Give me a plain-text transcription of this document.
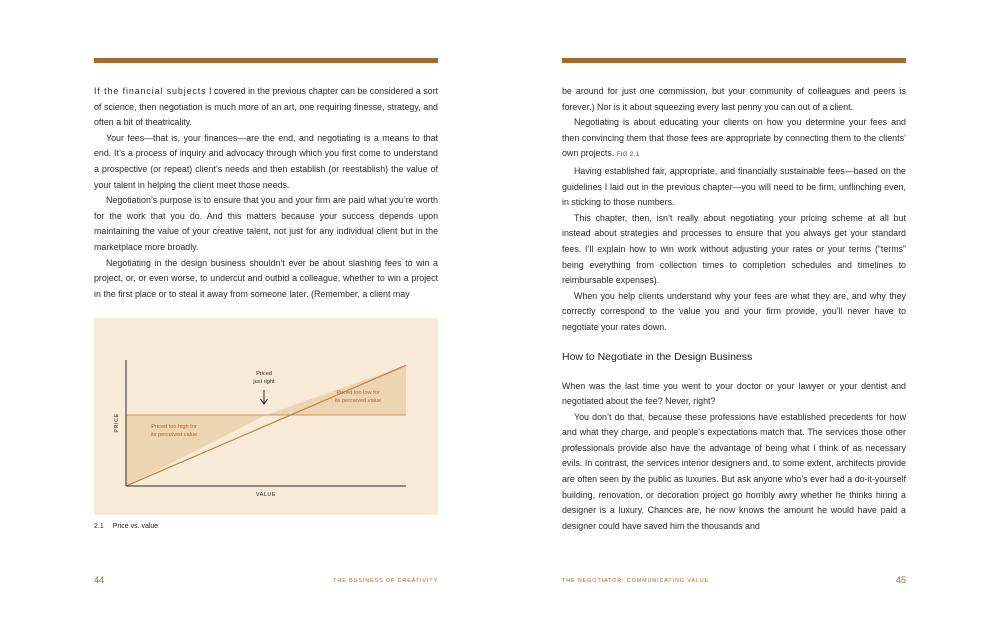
If the financial subjects I covered in the previous chapter can be considered a sort of science, then negotiation is much more of an art, one requiring finesse, strategy, and often a bit of theatricality.

Your fees—that is, your finances—are the end, and negotiating is a means to that end. It’s a process of inquiry and advocacy through which you first come to understand a prospective (or repeat) client’s needs and then establish (or reestablish) the value of your talent in helping the client meet those needs.

Negotiation’s purpose is to ensure that you and your firm are paid what you’re worth for the work that you do. And this matters because your success depends upon maintaining the value of your creative talent, not just for any individual client but in the marketplace more broadly.

Negotiating in the design business shouldn’t ever be about slashing fees to win a project, or, or even worse, to undercut and outbid a colleague, whether to win a project in the first place or to steal it away from someone later. (Remember, a client may

VALUE
PRICE	Priced too high for its perceived value
Priced too low for its perceived value
Priced
just right
2.1 Price vs. value
44	THE BUSINESS OF CREATIVITY

be around for just one commission, but your community of colleagues and peers is forever.) Nor is it about squeezing every last penny you can out of a client.

Negotiating is about educating your clients on how you determine your fees and then convincing them that those fees are appropriate by connecting them to the clients’ own projects. FIG 2.1

Having established fair, appropriate, and financially sustainable fees—based on the guidelines I laid out in the previous chapter—you will need to be firm, unflinching even, in sticking to those numbers.

This chapter, then, isn’t really about negotiating your pricing scheme at all but instead about strategies and processes to ensure that you always get your standard fees. I’ll explain how to win work without adjusting your rates or your terms (“terms” being everything from collection times to completion schedules and timelines to reimbursable expenses).

When you help clients understand why your fees are what they are, and why they correctly correspond to the value you and your firm provide, you’ll never have to negotiate your rates down.

How to Negotiate in the Design Business

When was the last time you went to your doctor or your lawyer or your dentist and negotiated about the fee? Never, right?

You don’t do that, because these professions have established precedents for how and what they charge, and people’s expectations match that. The services those other professionals provide also have the advantage of being what I think of as necessary evils. In contrast, the services interior designers and, to some extent, architects provide are often seen by the public as luxuries. But ask anyone who’s ever had a do-it-yourself building, renovation, or decoration project go horribly awry whether he thinks hiring a designer is a luxury. Chances are, he now knows the amount he would have paid a designer could have saved him the thousands and

THE NEGOTIATOR: COMMUNICATING VALUE	45
